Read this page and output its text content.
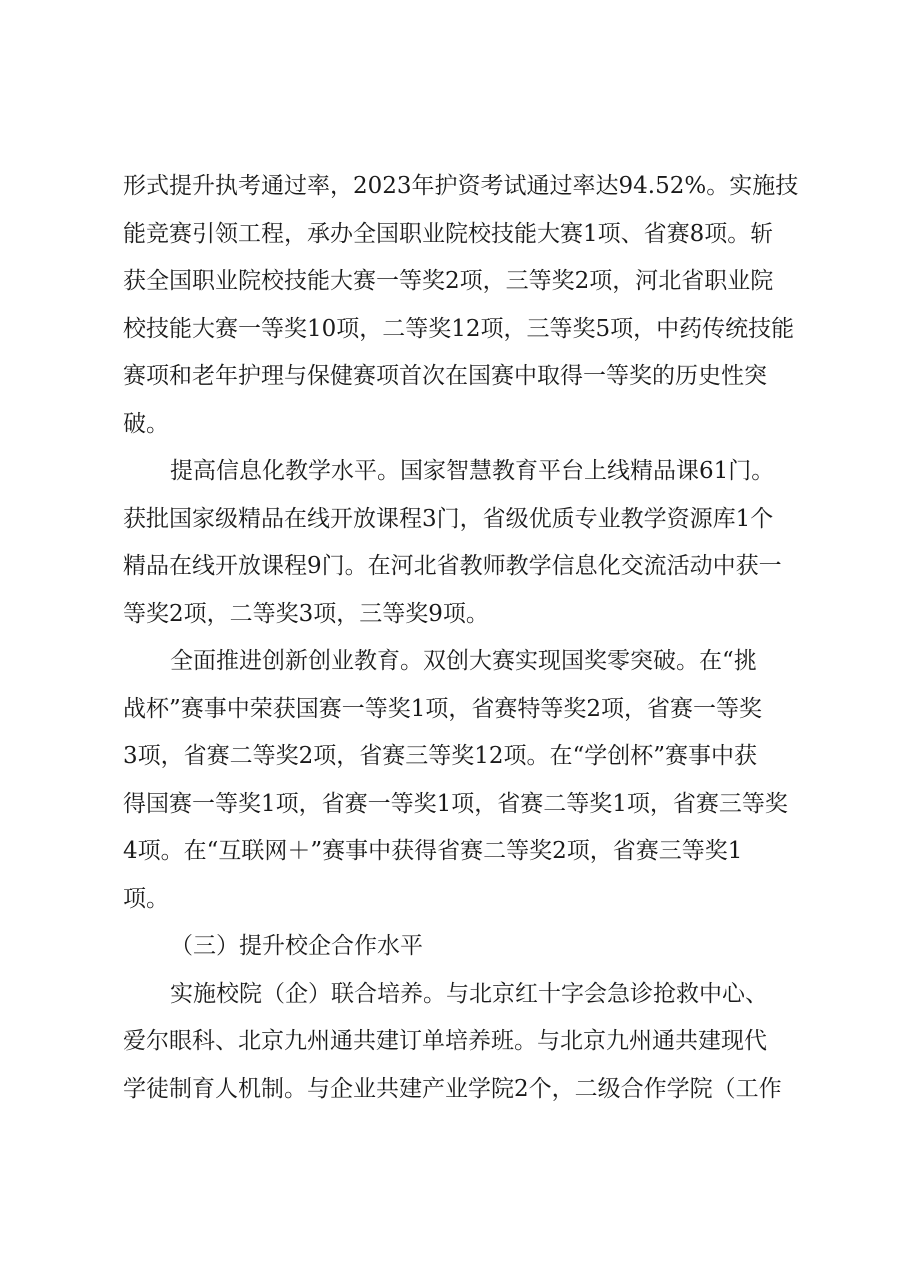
形式提升执考通过率，2023年护资考试通过率达94.52%。实施技
能竞赛引领工程，承办全国职业院校技能大赛1项、省赛8项。斩
获全国职业院校技能大赛一等奖2项，三等奖2项，河北省职业院
校技能大赛一等奖10项，二等奖12项，三等奖5项，中药传统技能
赛项和老年护理与保健赛项首次在国赛中取得一等奖的历史性突
破。
提高信息化教学水平。国家智慧教育平台上线精品课61门。
获批国家级精品在线开放课程3门，省级优质专业教学资源库1个
精品在线开放课程9门。在河北省教师教学信息化交流活动中获一
等奖2项，二等奖3项，三等奖9项。
全面推进创新创业教育。双创大赛实现国奖零突破。在“挑
战杯”赛事中荣获国赛一等奖1项，省赛特等奖2项，省赛一等奖
3项，省赛二等奖2项，省赛三等奖12项。在“学创杯”赛事中获
得国赛一等奖1项，省赛一等奖1项，省赛二等奖1项，省赛三等奖
4项。在“互联网＋”赛事中获得省赛二等奖2项，省赛三等奖1
项。
（三）提升校企合作水平
实施校院（企）联合培养。与北京红十字会急诊抢救中心、
爱尔眼科、北京九州通共建订单培养班。与北京九州通共建现代
学徒制育人机制。与企业共建产业学院2个，二级合作学院（工作
